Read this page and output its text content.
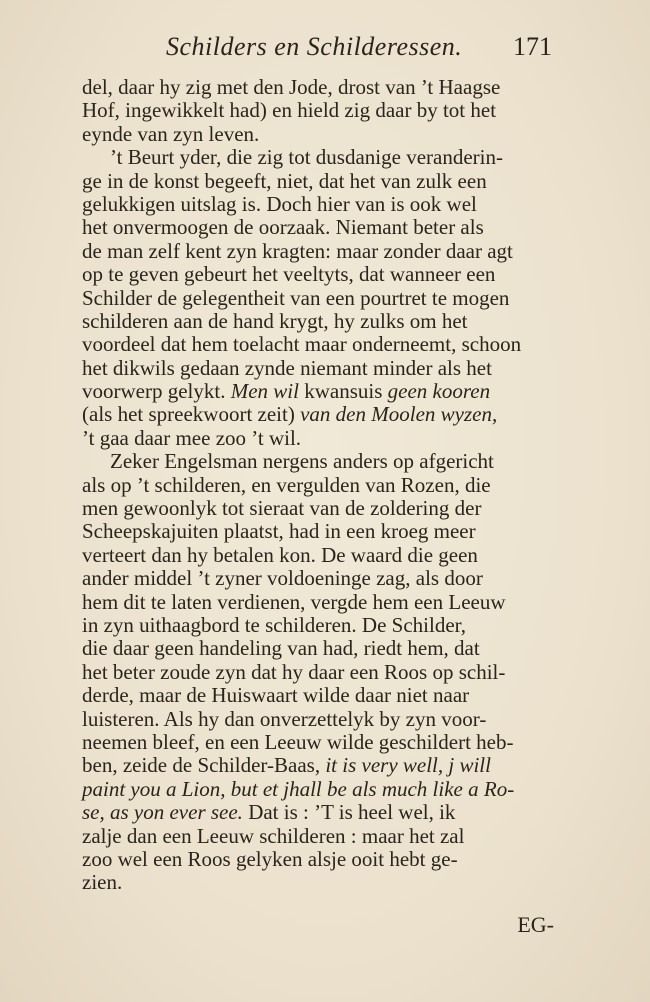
Schilders en Schilderessen. 171
del, daar hy zig met den Jode, drost van ’t Haagse
Hof, ingewikkelt had) en hield zig daar by tot het
eynde van zyn leven.
’t Beurt yder, die zig tot dusdanige veranderin-
ge in de konst begeeft, niet, dat het van zulk een
gelukkigen uitslag is. Doch hier van is ook wel
het onvermoogen de oorzaak. Niemant beter als
de man zelf kent zyn kragten: maar zonder daar agt
op te geven gebeurt het veeltyts, dat wanneer een
Schilder de gelegentheit van een pourtret te mogen
schilderen aan de hand krygt, hy zulks om het
voordeel dat hem toelacht maar onderneemt, schoon
het dikwils gedaan zynde niemant minder als het
voorwerp gelykt. Men wil kwansuis geen kooren
(als het spreekwoort zeit) van den Moolen wyzen,
’t gaa daar mee zoo ’t wil.
Zeker Engelsman nergens anders op afgericht
als op ’t schilderen, en vergulden van Rozen, die
men gewoonlyk tot sieraat van de zoldering der
Scheepskajuiten plaatst, had in een kroeg meer
verteert dan hy betalen kon. De waard die geen
ander middel ’t zyner voldoeninge zag, als door
hem dit te laten verdienen, vergde hem een Leeuw
in zyn uithaagbord te schilderen. De Schilder,
die daar geen handeling van had, riedt hem, dat
het beter zoude zyn dat hy daar een Roos op schil-
derde, maar de Huiswaart wilde daar niet naar
luisteren. Als hy dan onverzettelyk by zyn voor-
neemen bleef, en een Leeuw wilde geschildert heb-
ben, zeide de Schilder-Baas, it is very well, j will
paint you a Lion, but et jhall be als much like a Ro-
se, as yon ever see. Dat is : ’T is heel wel, ik
zalje dan een Leeuw schilderen : maar het zal
zoo wel een Roos gelyken alsje ooit hebt ge-
zien.
EG-
